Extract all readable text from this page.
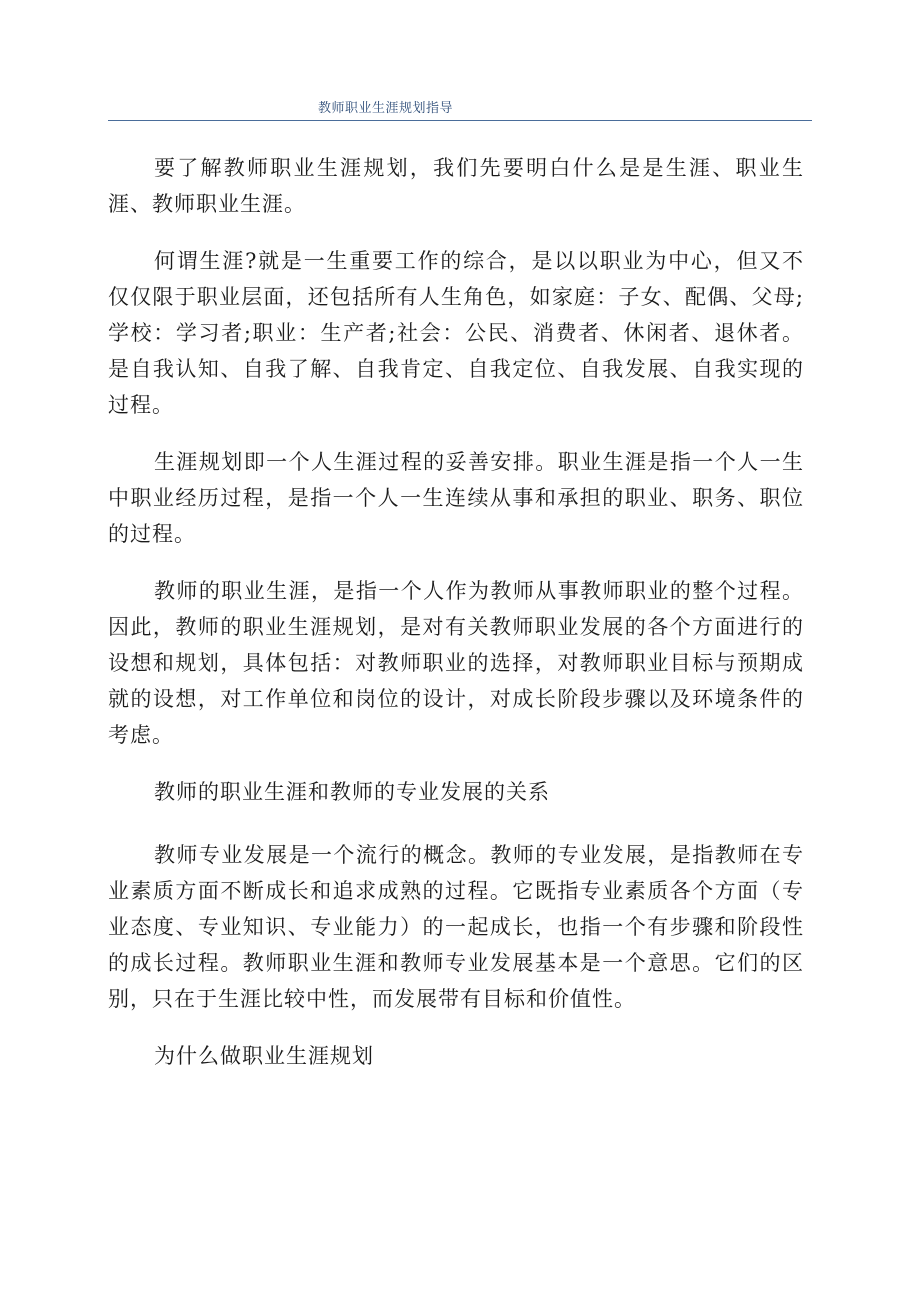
教师职业生涯规划指导

要了解教师职业生涯规划，我们先要明白什么是是生涯、职业生涯、教师职业生涯。

何谓生涯?就是一生重要工作的综合，是以以职业为中心，但又不仅仅限于职业层面，还包括所有人生角色，如家庭：子女、配偶、父母;学校：学习者;职业：生产者;社会：公民、消费者、休闲者、退休者。是自我认知、自我了解、自我肯定、自我定位、自我发展、自我实现的过程。

生涯规划即一个人生涯过程的妥善安排。职业生涯是指一个人一生中职业经历过程，是指一个人一生连续从事和承担的职业、职务、职位的过程。

教师的职业生涯，是指一个人作为教师从事教师职业的整个过程。因此，教师的职业生涯规划，是对有关教师职业发展的各个方面进行的设想和规划，具体包括：对教师职业的选择，对教师职业目标与预期成就的设想，对工作单位和岗位的设计，对成长阶段步骤以及环境条件的考虑。

教师的职业生涯和教师的专业发展的关系

教师专业发展是一个流行的概念。教师的专业发展，是指教师在专业素质方面不断成长和追求成熟的过程。它既指专业素质各个方面（专业态度、专业知识、专业能力）的一起成长，也指一个有步骤和阶段性的成长过程。教师职业生涯和教师专业发展基本是一个意思。它们的区别，只在于生涯比较中性，而发展带有目标和价值性。

为什么做职业生涯规划
